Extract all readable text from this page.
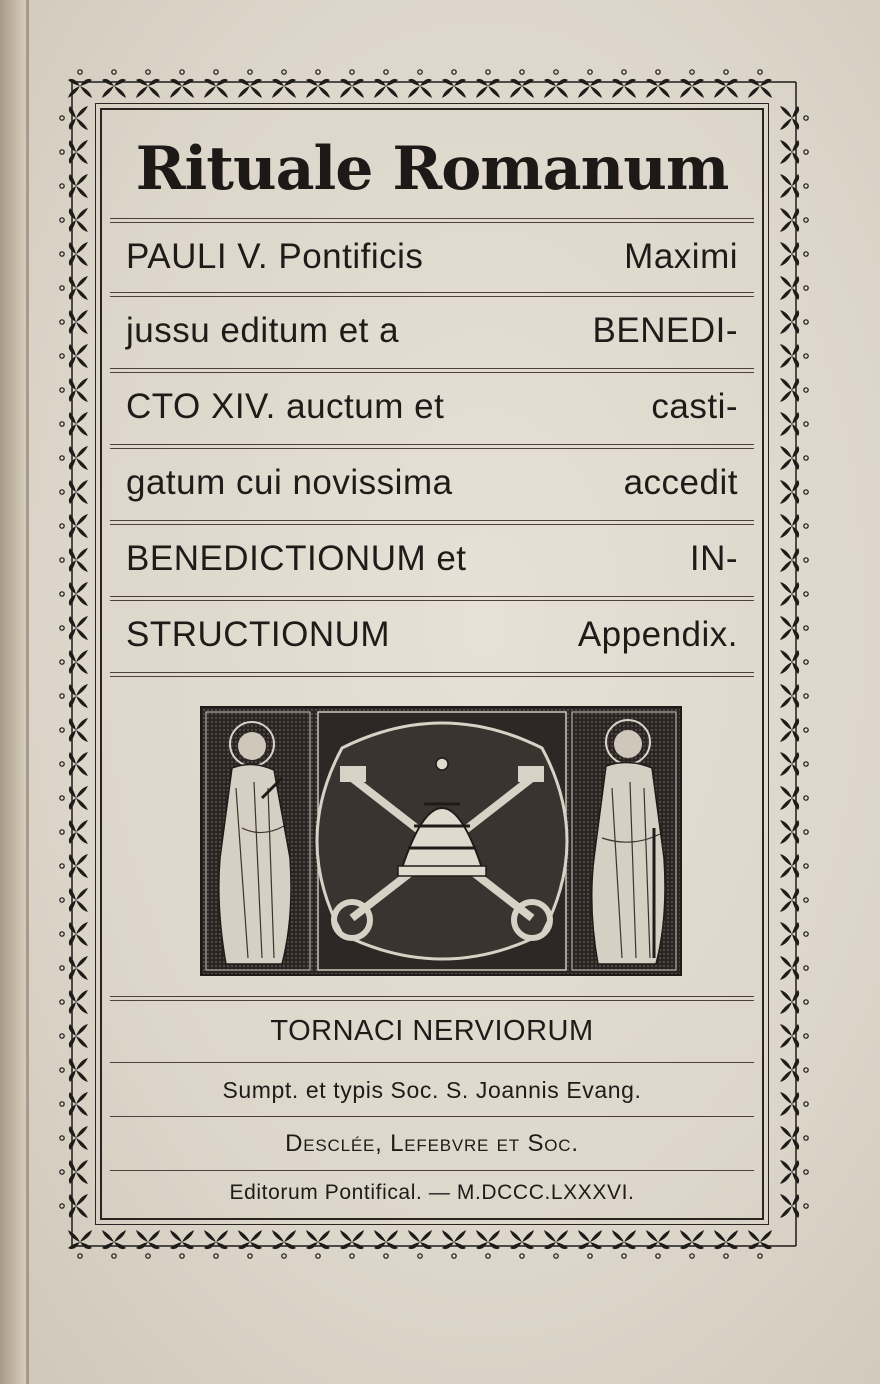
Rituale Romanum
PAULI V. Pontificis	Maximi
jussu editum et a	BENEDI-
CTO XIV. auctum et	casti-
gatum cui novissima	accedit
BENEDICTIONUM et	IN-
STRUCTIONUM	Appendix.
TORNACI NERVIORUM
Sumpt. et typis Soc. S. Joannis Evang.
Desclée, Lefebvre et Soc.
Editorum Pontifical. — M.DCCC.LXXXVI.
